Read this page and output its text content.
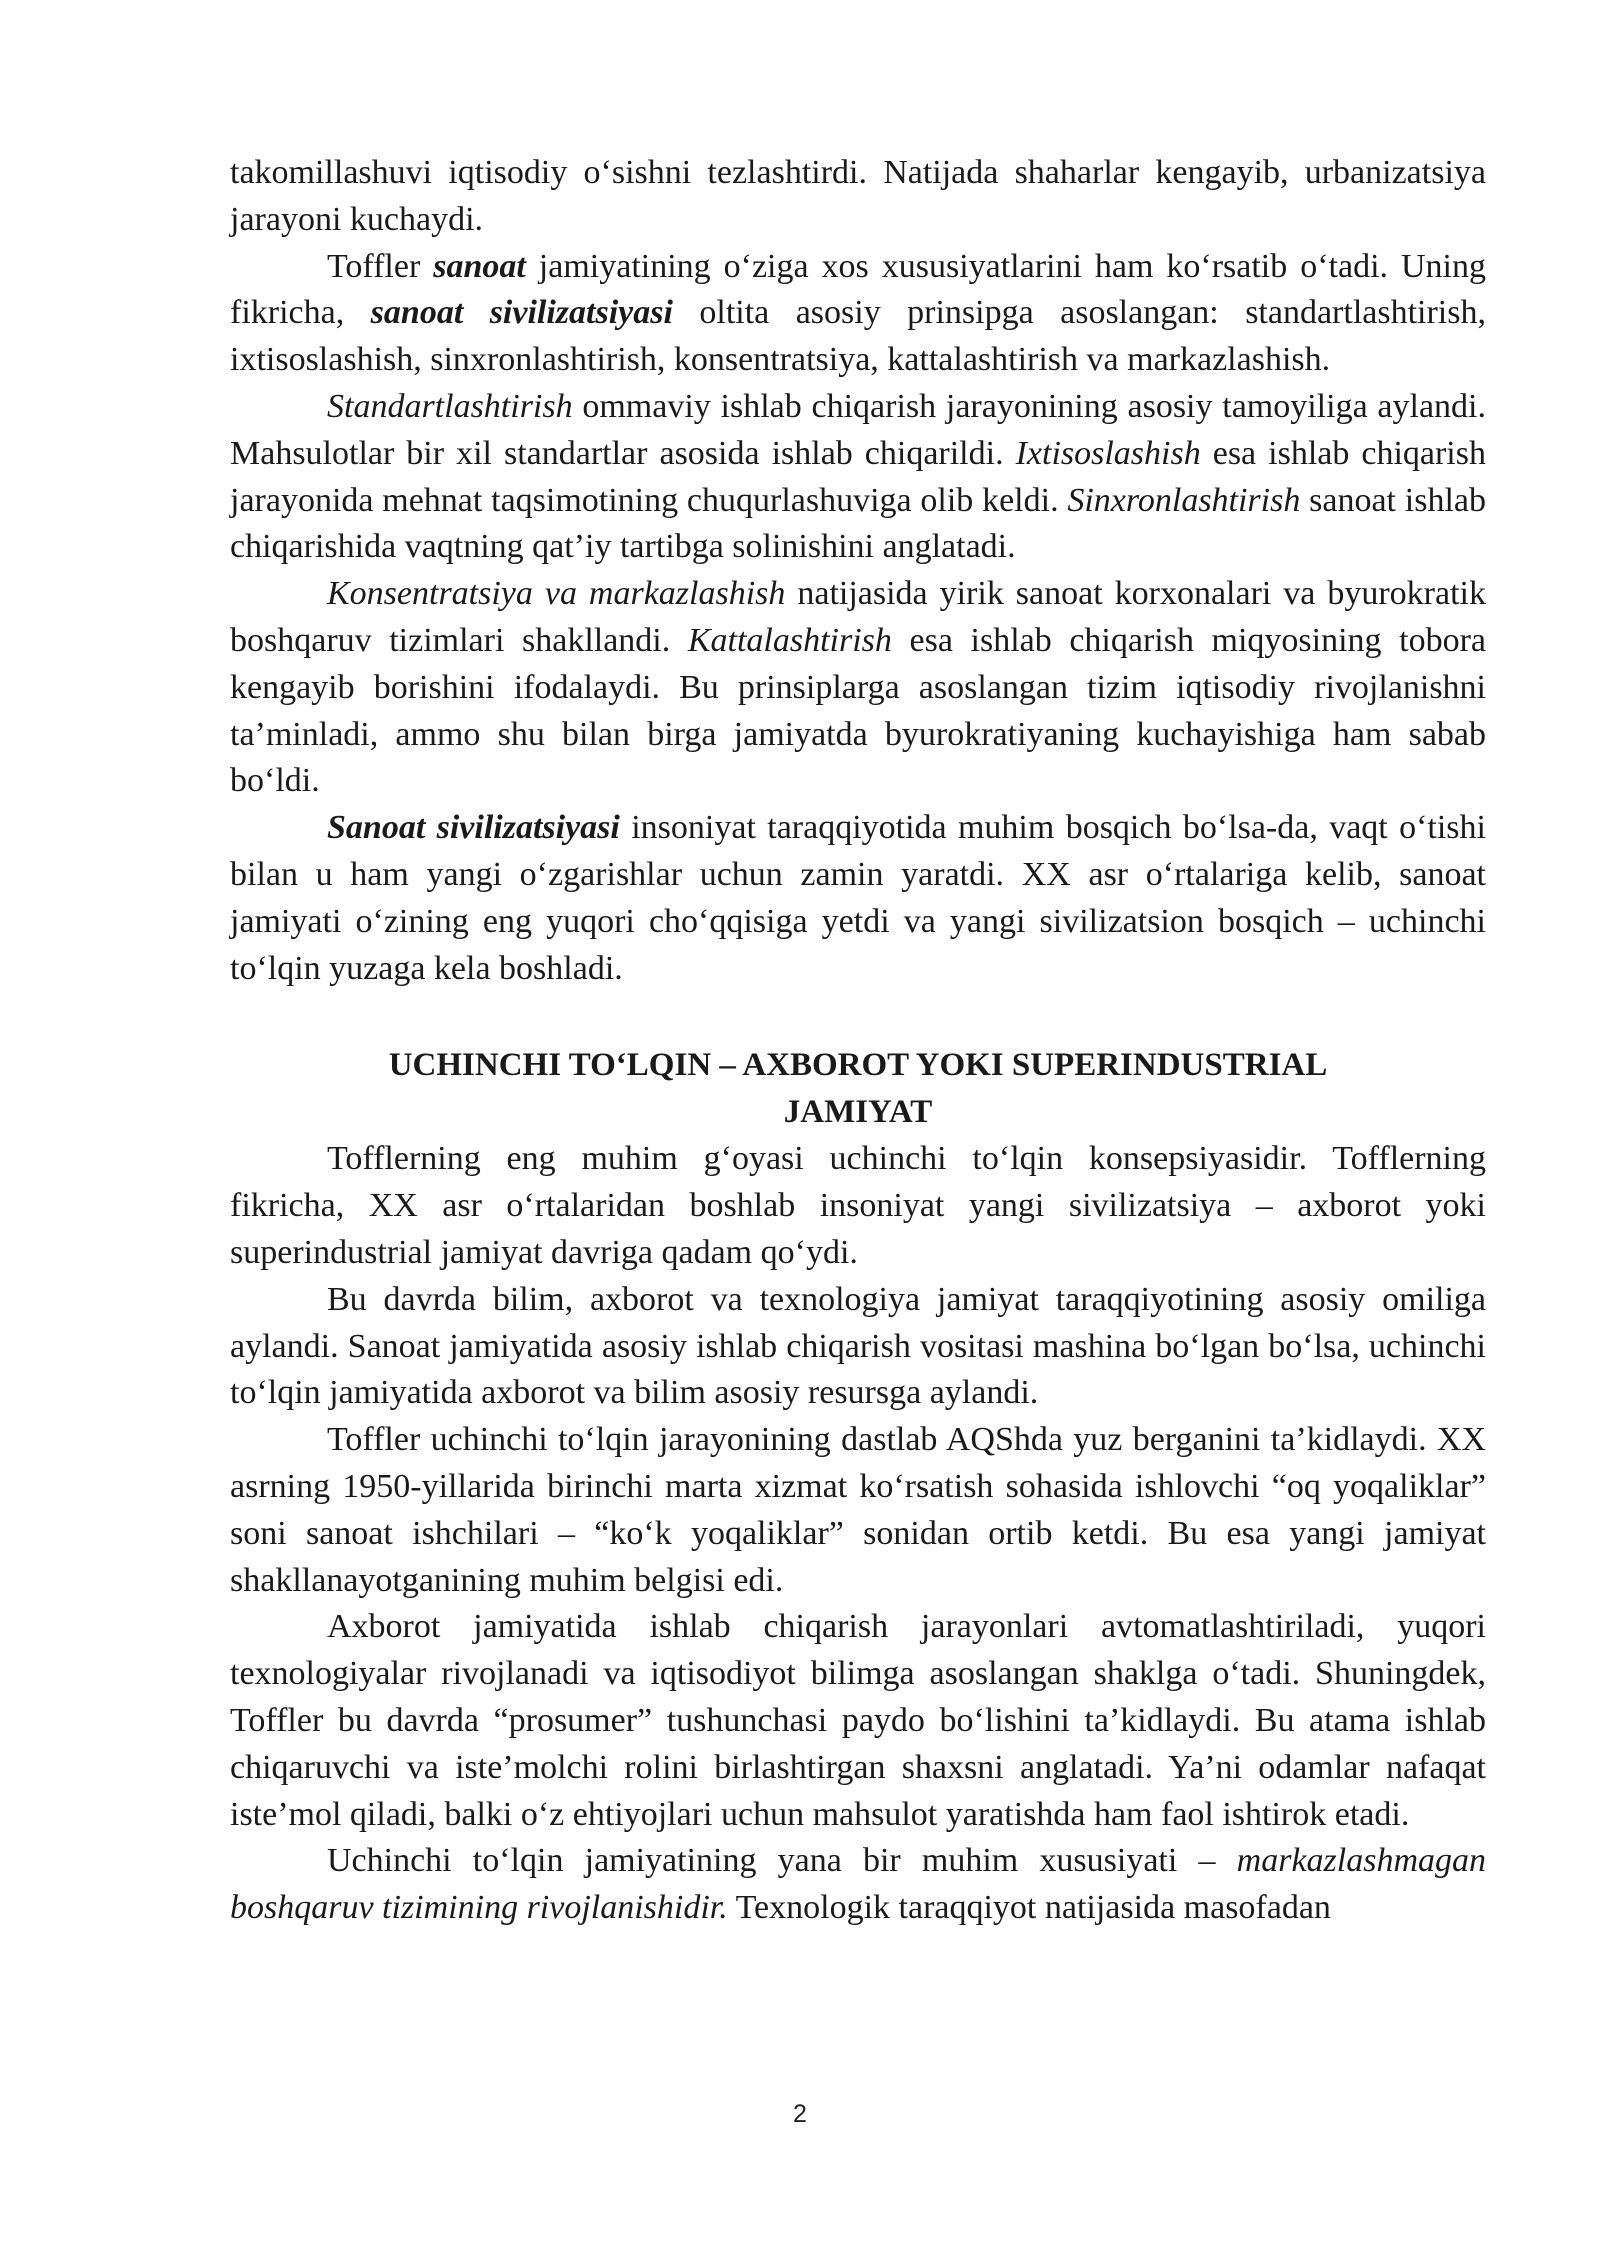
takomillashuvi iqtisodiy o‘sishni tezlashtirdi. Natijada shaharlar kengayib, urbanizatsiya jarayoni kuchaydi.

Toffler sanoat jamiyatining o‘ziga xos xususiyatlarini ham ko‘rsatib o‘tadi. Uning fikricha, sanoat sivilizatsiyasi oltita asosiy prinsipga asoslangan: standartlashtirish, ixtisoslashish, sinxronlashtirish, konsentratsiya, kattalashtirish va markazlashish.

Standartlashtirish ommaviy ishlab chiqarish jarayonining asosiy tamoyiliga aylandi. Mahsulotlar bir xil standartlar asosida ishlab chiqarildi. Ixtisoslashish esa ishlab chiqarish jarayonida mehnat taqsimotining chuqurlashuviga olib keldi. Sinxronlashtirish sanoat ishlab chiqarishida vaqtning qat’iy tartibga solinishini anglatadi.

Konsentratsiya va markazlashish natijasida yirik sanoat korxonalari va byurokratik boshqaruv tizimlari shakllandi. Kattalashtirish esa ishlab chiqarish miqyosining tobora kengayib borishini ifodalaydi. Bu prinsiplarga asoslangan tizim iqtisodiy rivojlanishni ta’minladi, ammo shu bilan birga jamiyatda byurokratiyaning kuchayishiga ham sabab bo‘ldi.

Sanoat sivilizatsiyasi insoniyat taraqqiyotida muhim bosqich bo‘lsa-da, vaqt o‘tishi bilan u ham yangi o‘zgarishlar uchun zamin yaratdi. XX asr o‘rtalariga kelib, sanoat jamiyati o‘zining eng yuqori cho‘qqisiga yetdi va yangi sivilizatsion bosqich – uchinchi to‘lqin yuzaga kela boshladi.

UCHINCHI TO‘LQIN – AXBOROT YOKI SUPERINDUSTRIAL
JAMIYAT

Tofflerning eng muhim g‘oyasi uchinchi to‘lqin konsepsiyasidir. Tofflerning fikricha, XX asr o‘rtalaridan boshlab insoniyat yangi sivilizatsiya – axborot yoki superindustrial jamiyat davriga qadam qo‘ydi.

Bu davrda bilim, axborot va texnologiya jamiyat taraqqiyotining asosiy omiliga aylandi. Sanoat jamiyatida asosiy ishlab chiqarish vositasi mashina bo‘lgan bo‘lsa, uchinchi to‘lqin jamiyatida axborot va bilim asosiy resursga aylandi.

Toffler uchinchi to‘lqin jarayonining dastlab AQShda yuz berganini ta’kidlaydi. XX asrning 1950-yillarida birinchi marta xizmat ko‘rsatish sohasida ishlovchi “oq yoqaliklar” soni sanoat ishchilari – “ko‘k yoqaliklar” sonidan ortib ketdi. Bu esa yangi jamiyat shakllanayotganining muhim belgisi edi.

Axborot jamiyatida ishlab chiqarish jarayonlari avtomatlashtiriladi, yuqori texnologiyalar rivojlanadi va iqtisodiyot bilimga asoslangan shaklga o‘tadi. Shuningdek, Toffler bu davrda “prosumer” tushunchasi paydo bo‘lishini ta’kidlaydi. Bu atama ishlab chiqaruvchi va iste’molchi rolini birlashtirgan shaxsni anglatadi. Ya’ni odamlar nafaqat iste’mol qiladi, balki o‘z ehtiyojlari uchun mahsulot yaratishda ham faol ishtirok etadi.

Uchinchi to‘lqin jamiyatining yana bir muhim xususiyati – markazlashmagan boshqaruv tizimining rivojlanishidir. Texnologik taraqqiyot natijasida masofadan

2
